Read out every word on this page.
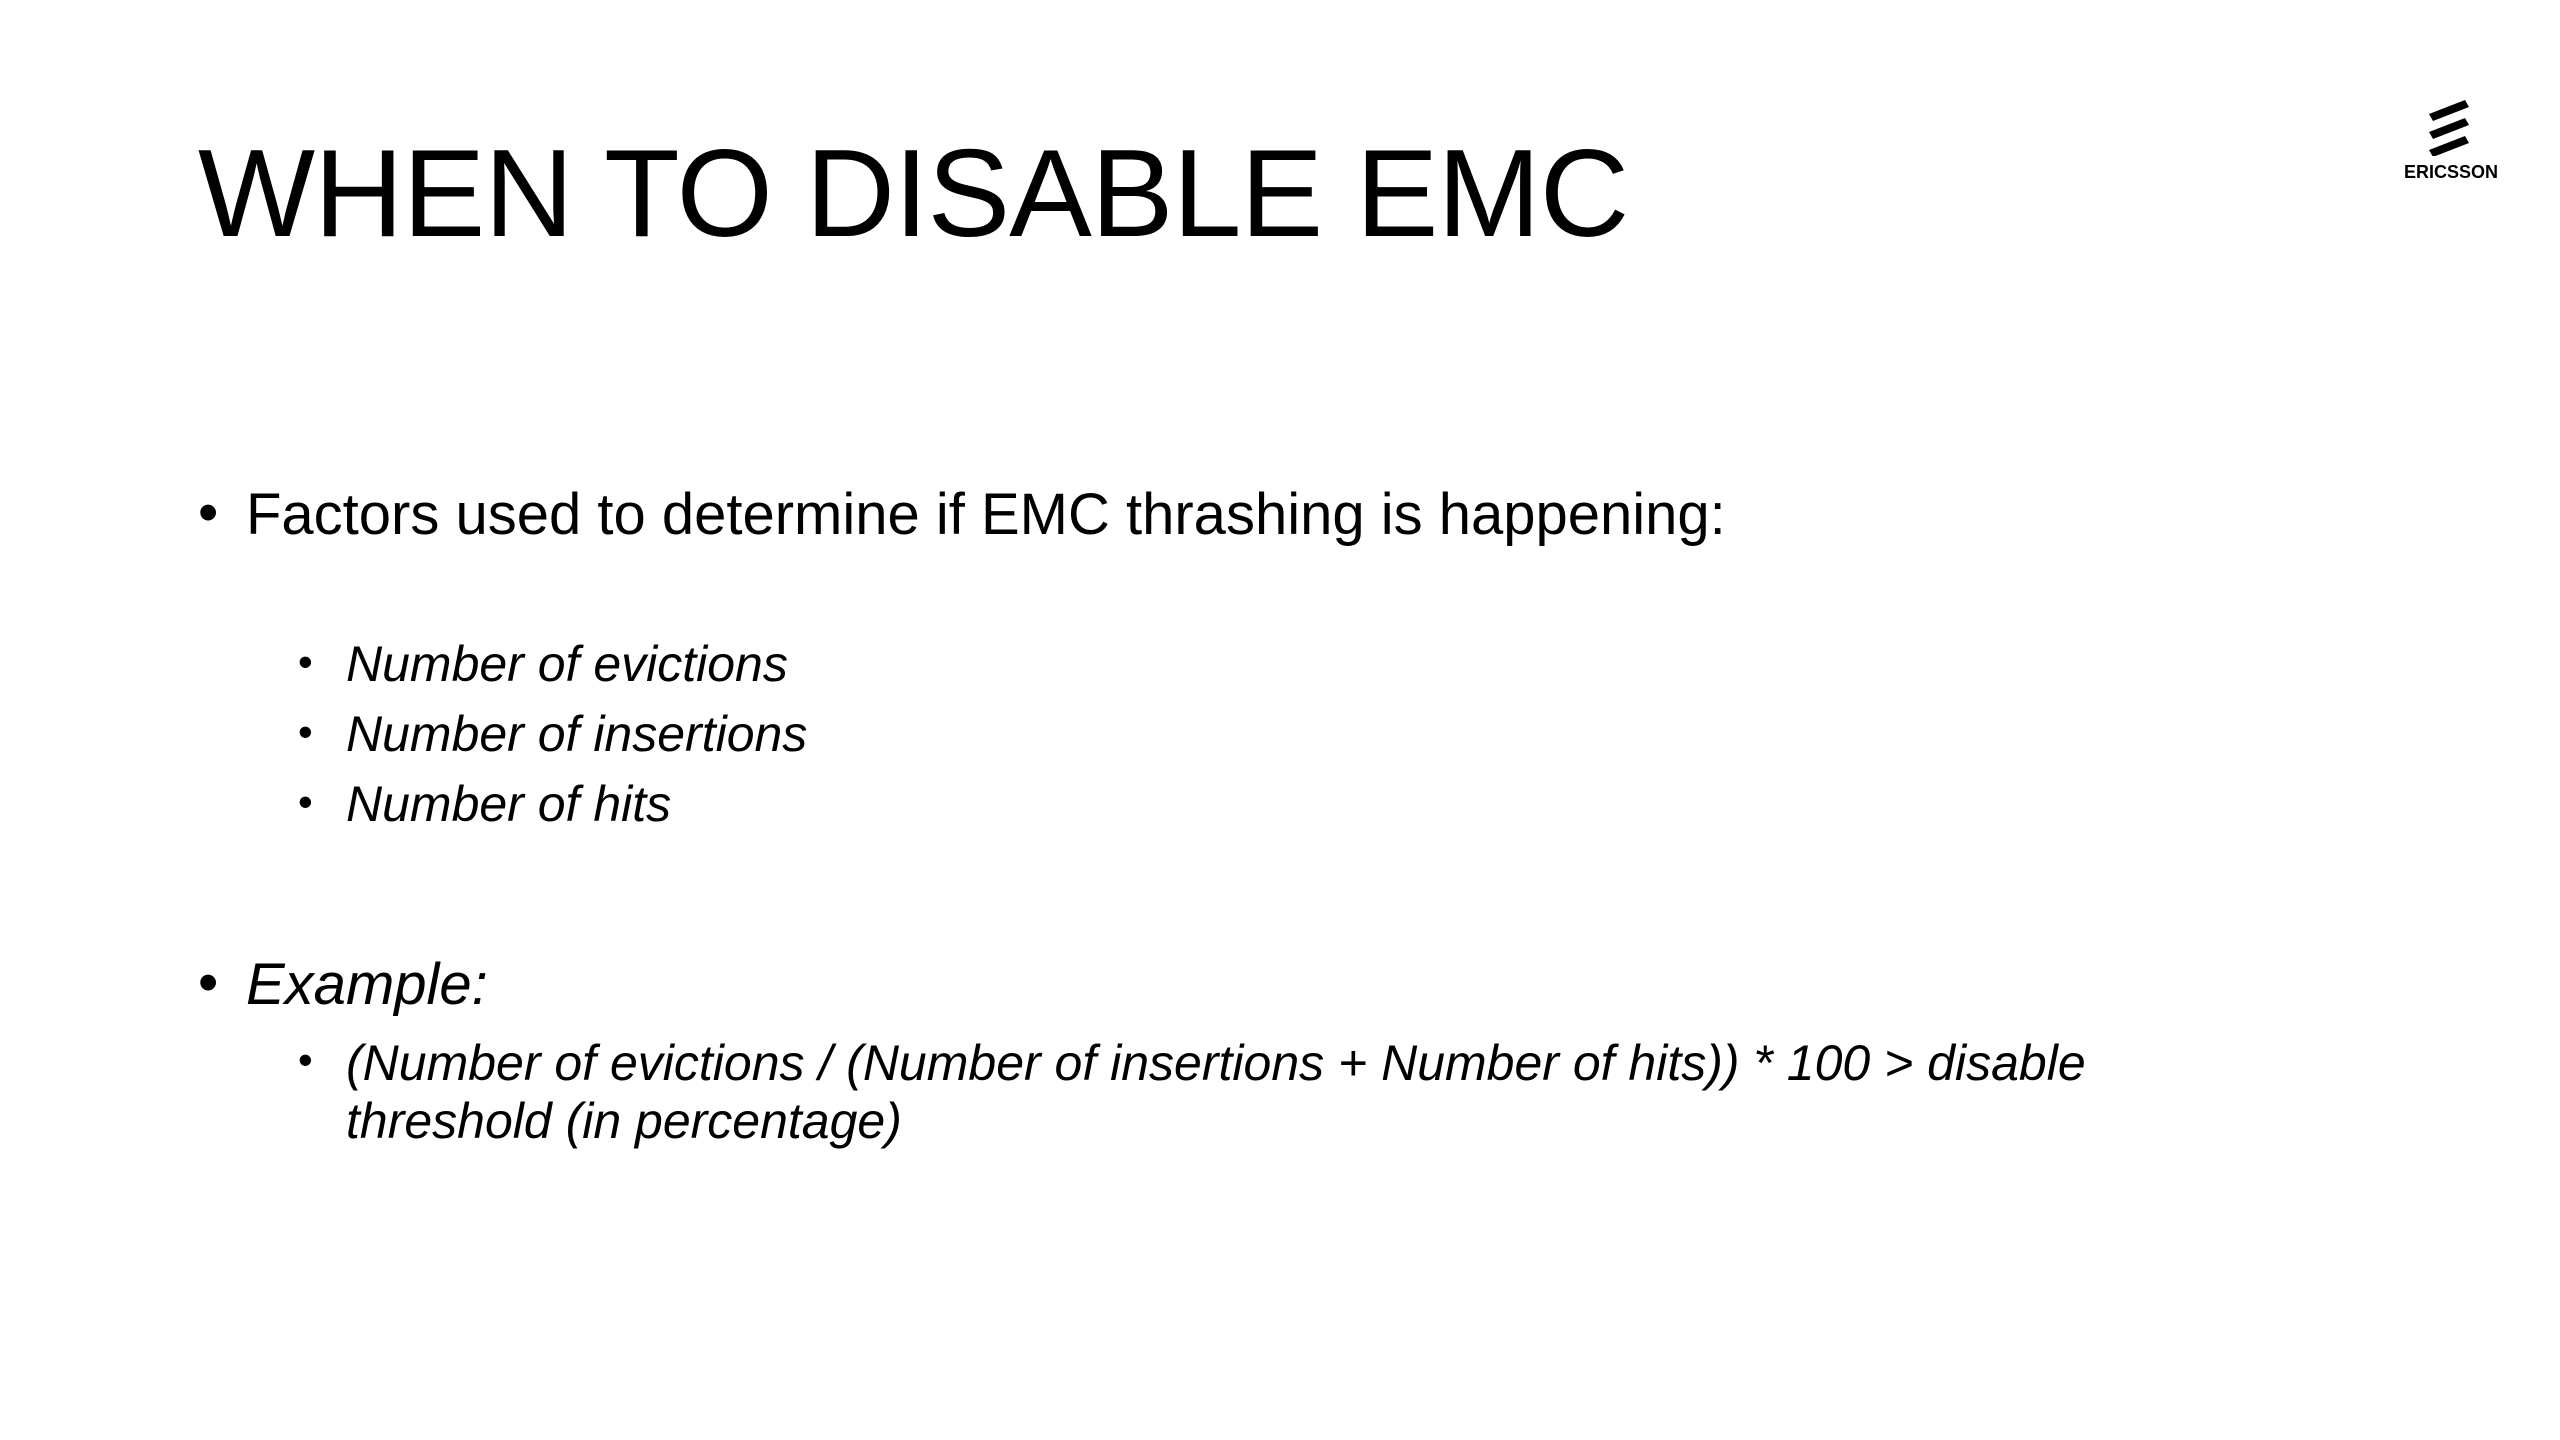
WHEN TO DISABLE EMC	ERICSSON
• Factors used to determine if EMC thrashing is happening:
• Number of evictions
• Number of insertions
• Number of hits
• Example:
• (Number of evictions / (Number of insertions + Number of hits)) * 100 > disable threshold (in percentage)
